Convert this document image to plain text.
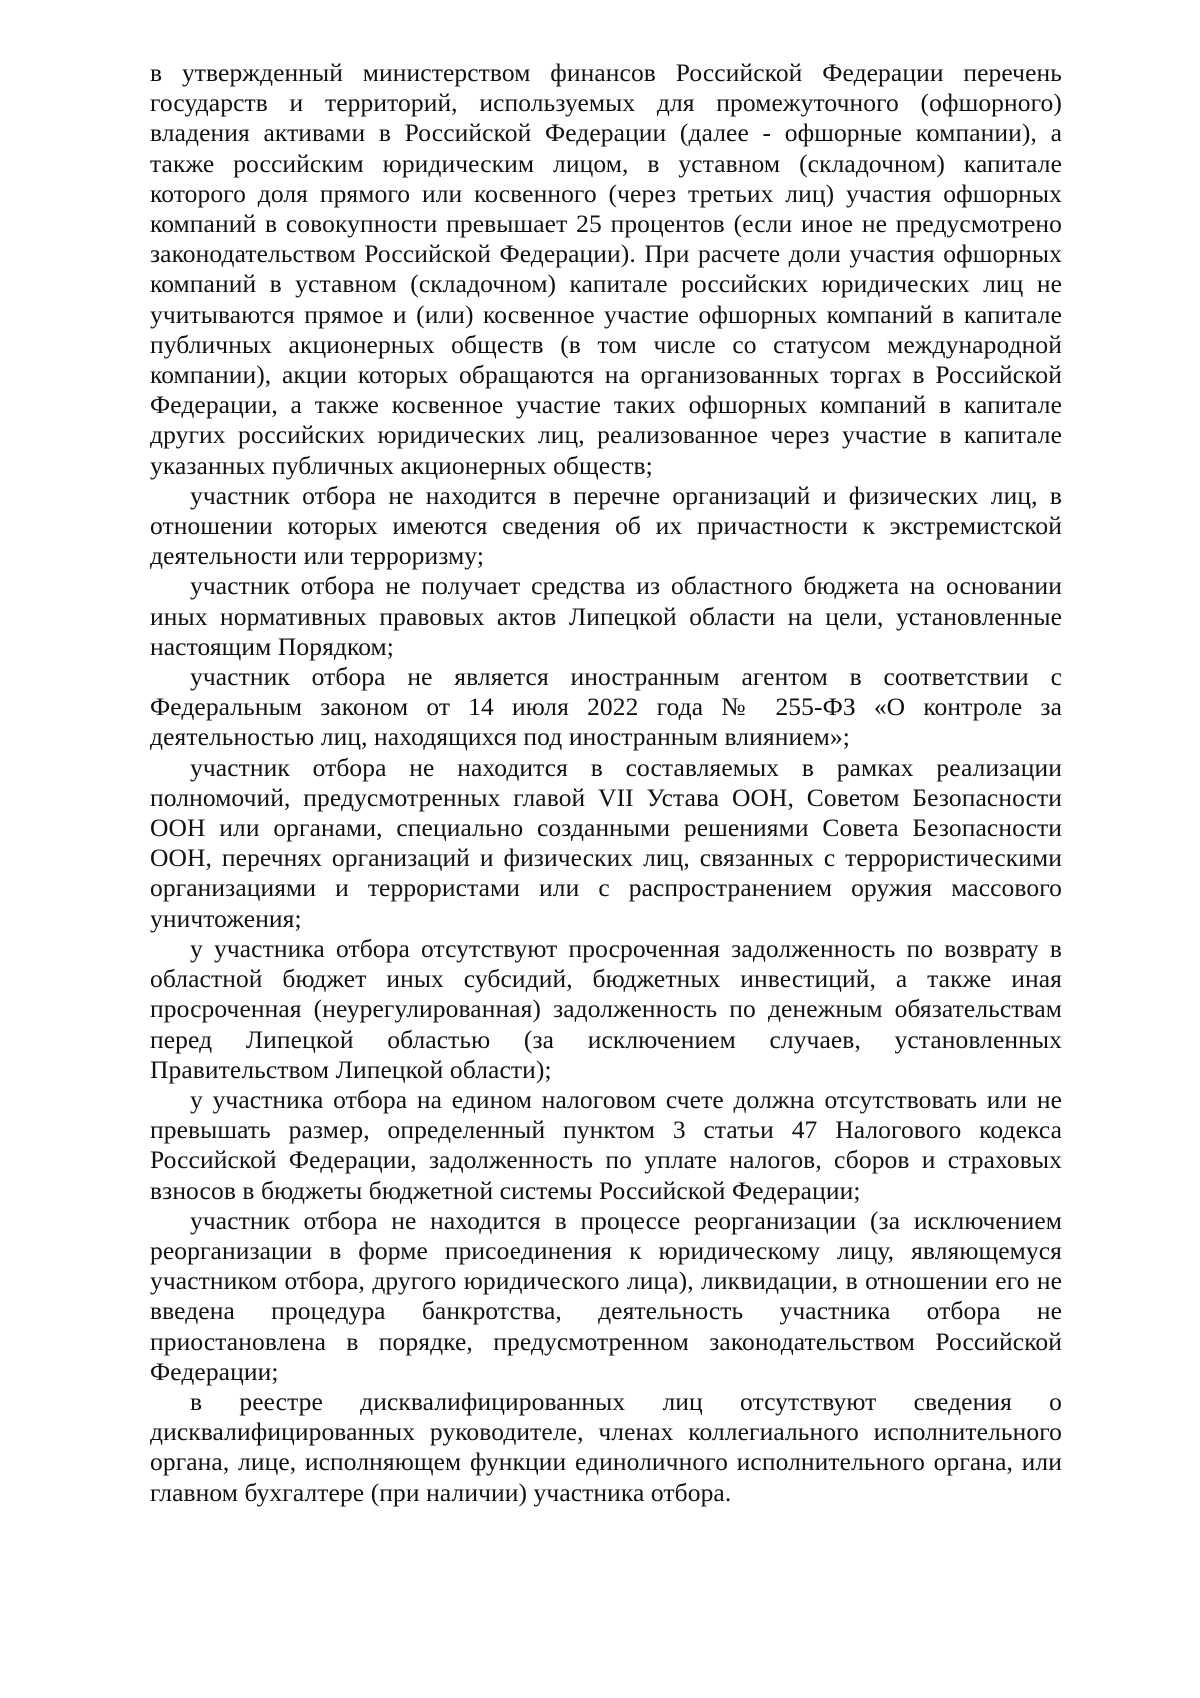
в утвержденный министерством финансов Российской Федерации перечень государств и территорий, используемых для промежуточного (офшорного) владения активами в Российской Федерации (далее - офшорные компании), а также российским юридическим лицом, в уставном (складочном) капитале которого доля прямого или косвенного (через третьих лиц) участия офшорных компаний в совокупности превышает 25 процентов (если иное не предусмотрено законодательством Российской Федерации). При расчете доли участия офшорных компаний в уставном (складочном) капитале российских юридических лиц не учитываются прямое и (или) косвенное участие офшорных компаний в капитале публичных акционерных обществ (в том числе со статусом международной компании), акции которых обращаются на организованных торгах в Российской Федерации, а также косвенное участие таких офшорных компаний в капитале других российских юридических лиц, реализованное через участие в капитале указанных публичных акционерных обществ;

участник отбора не находится в перечне организаций и физических лиц, в отношении которых имеются сведения об их причастности к экстремистской деятельности или терроризму;

участник отбора не получает средства из областного бюджета на основании иных нормативных правовых актов Липецкой области на цели, установленные настоящим Порядком;

участник отбора не является иностранным агентом в соответствии с Федеральным законом от 14 июля 2022 года № 255-ФЗ «О контроле за деятельностью лиц, находящихся под иностранным влиянием»;

участник отбора не находится в составляемых в рамках реализации полномочий, предусмотренных главой VII Устава ООН, Советом Безопасности ООН или органами, специально созданными решениями Совета Безопасности ООН, перечнях организаций и физических лиц, связанных с террористическими организациями и террористами или с распространением оружия массового уничтожения;

у участника отбора отсутствуют просроченная задолженность по возврату в областной бюджет иных субсидий, бюджетных инвестиций, а также иная просроченная (неурегулированная) задолженность по денежным обязательствам перед Липецкой областью (за исключением случаев, установленных Правительством Липецкой области);

у участника отбора на едином налоговом счете должна отсутствовать или не превышать размер, определенный пунктом 3 статьи 47 Налогового кодекса Российской Федерации, задолженность по уплате налогов, сборов и страховых взносов в бюджеты бюджетной системы Российской Федерации;

участник отбора не находится в процессе реорганизации (за исключением реорганизации в форме присоединения к юридическому лицу, являющемуся участником отбора, другого юридического лица), ликвидации, в отношении его не введена процедура банкротства, деятельность участника отбора не приостановлена в порядке, предусмотренном законодательством Российской Федерации;

в реестре дисквалифицированных лиц отсутствуют сведения о дисквалифицированных руководителе, членах коллегиального исполнительного органа, лице, исполняющем функции единоличного исполнительного органа, или главном бухгалтере (при наличии) участника отбора.
